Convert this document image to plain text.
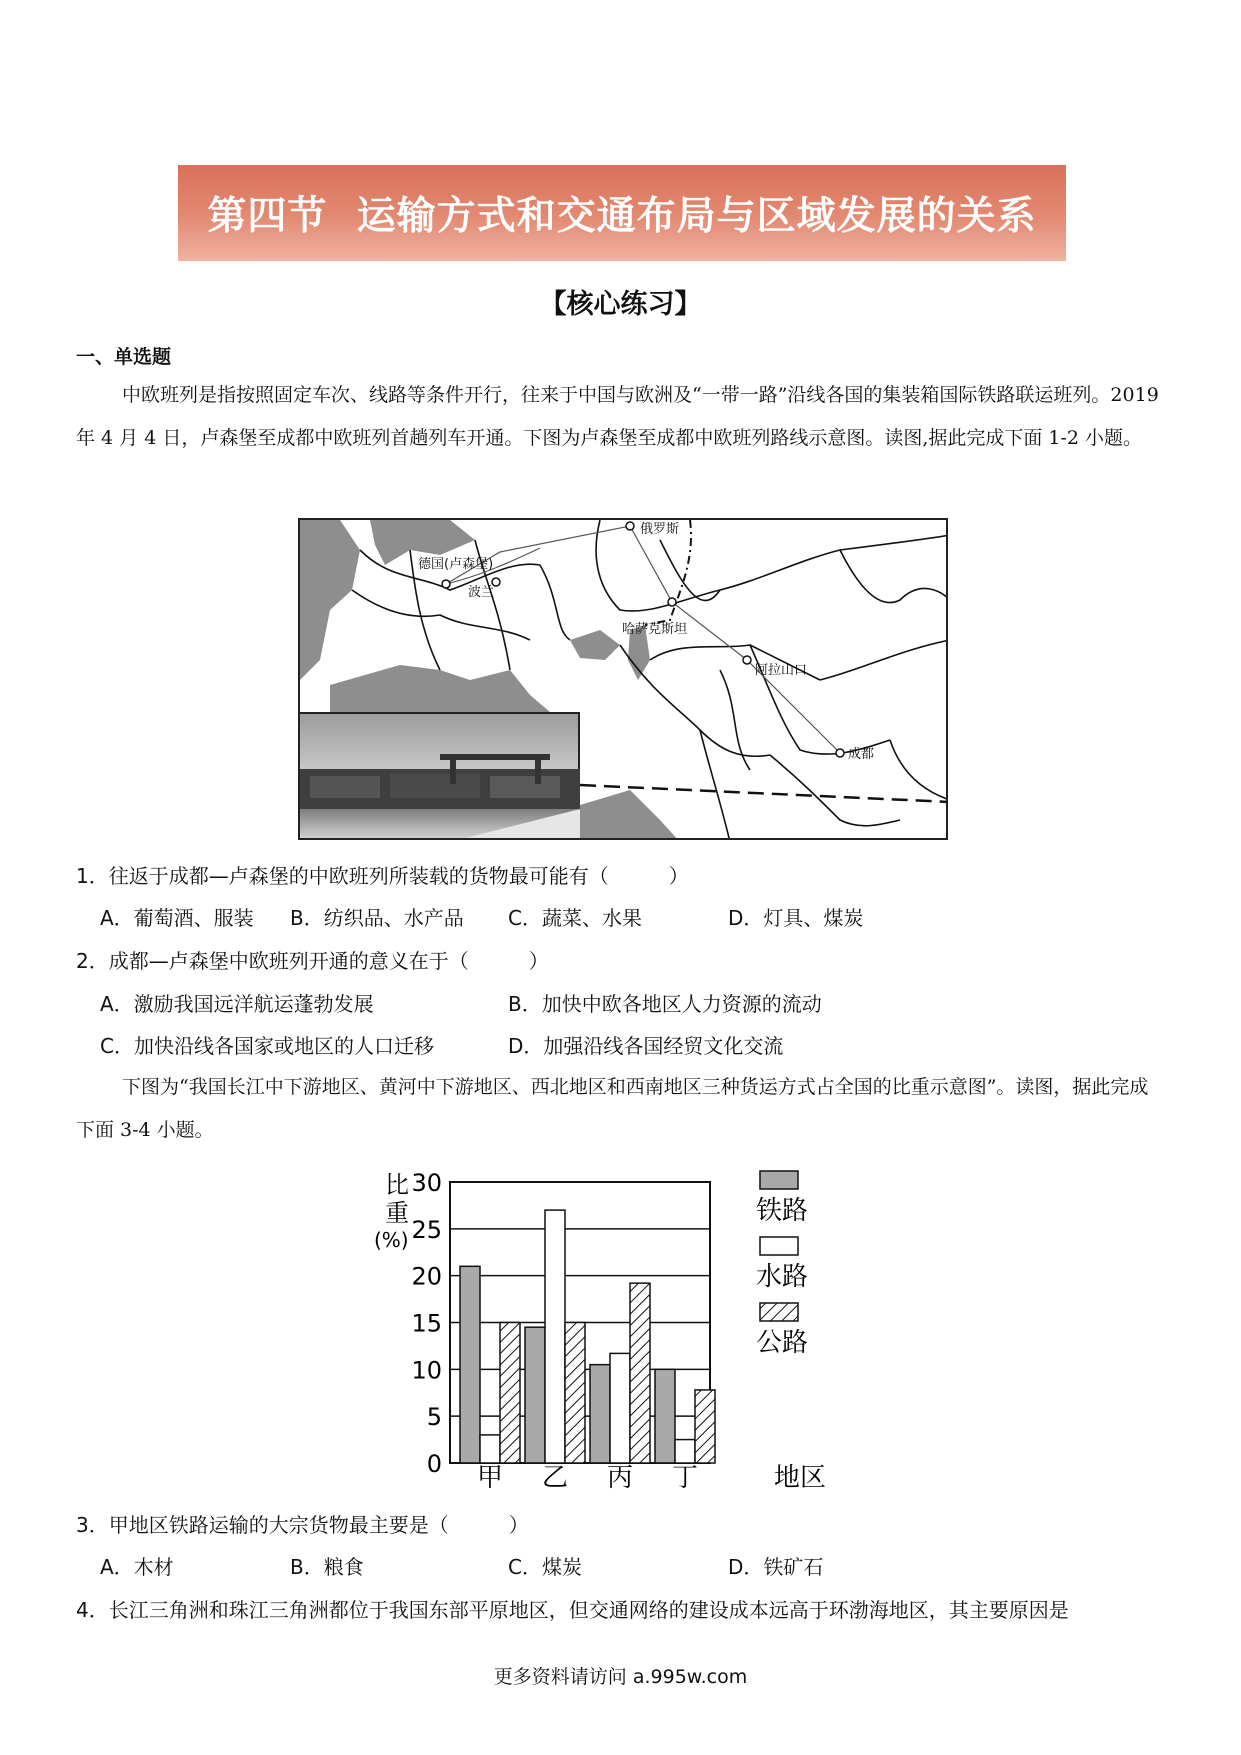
第四节  运输方式和交通布局与区域发展的关系
【核心练习】
一、单选题
中欧班列是指按照固定车次、线路等条件开行，往来于中国与欧洲及“一带一路”沿线各国的集装箱国际铁路联运班列。2019 年 4 月 4 日，卢森堡至成都中欧班列首趟列车开通。下图为卢森堡至成都中欧班列路线示意图。读图,据此完成下面 1-2 小题。
俄罗斯
德国(卢森堡)
波兰
哈萨克斯坦
阿拉山口
成都
1．往返于成都—卢森堡的中欧班列所装载的货物最可能有（　　　）
A．葡萄酒、服装 B．纺织品、水产品 C．蔬菜、水果	D．灯具、煤炭
2．成都—卢森堡中欧班列开通的意义在于（　　　）
A．激励我国远洋航运蓬勃发展	B．加快中欧各地区人力资源的流动
C．加快沿线各国家或地区的人口迁移	D．加强沿线各国经贸文化交流
下图为“我国长江中下游地区、黄河中下游地区、西北地区和西南地区三种货运方式占全国的比重示意图”。读图，据此完成下面 3-4 小题。
0
5
10
15
20
25
30
甲 乙 丙 丁
铁路
水路
公路
比
重
(%)
地区
3．甲地区铁路运输的大宗货物最主要是（　　　）
A．木材	B．粮食	C．煤炭	D．铁矿石
4．长江三角洲和珠江三角洲都位于我国东部平原地区，但交通网络的建设成本远高于环渤海地区，其主要原因是
更多资料请访问 a.995w.com
